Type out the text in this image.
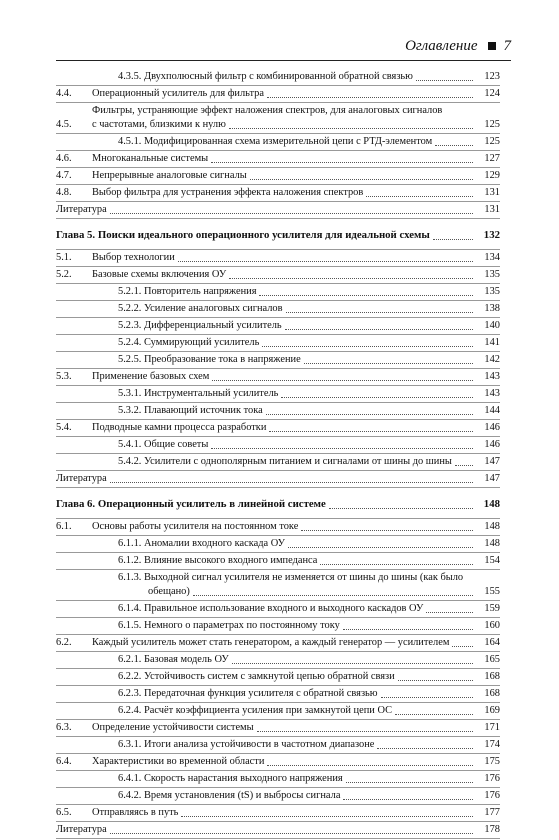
Оглавление 7
4.3.5. Двухполюсный фильтр с комбинированной обратной связью	123
4.4.	Операционный усилитель для фильтра	124
4.5.
Фильтры, устраняющие эффект наложения спектров, для аналоговых сигналов
с частотами, близкими к нулю	125
4.5.1. Модифицированная схема измерительной цепи с РТД-элементом	125
4.6.	Многоканальные системы	127
4.7.	Непрерывные аналоговые сигналы	129
4.8.	Выбор фильтра для устранения эффекта наложения спектров	131
Литература	131
Глава 5. Поиски идеального операционного усилителя для идеальной схемы	132
5.1.	Выбор технологии	134
5.2.	Базовые схемы включения ОУ	135
5.2.1. Повторитель напряжения	135
5.2.2. Усиление аналоговых сигналов	138
5.2.3. Дифференциальный усилитель	140
5.2.4. Суммирующий усилитель	141
5.2.5. Преобразование тока в напряжение	142
5.3.	Применение базовых схем	143
5.3.1. Инструментальный усилитель	143
5.3.2. Плавающий источник тока	144
5.4.	Подводные камни процесса разработки	146
5.4.1. Общие советы	146
5.4.2. Усилители с однополярным питанием и сигналами от шины до шины	147
Литература	147
Глава 6. Операционный усилитель в линейной системе	148
6.1.	Основы работы усилителя на постоянном токе	148
6.1.1. Аномалии входного каскада ОУ	148
6.1.2. Влияние высокого входного импеданса	154
6.1.3. Выходной сигнал усилителя не изменяется от шины до шины (как было
обещано)	155
6.1.4. Правильное использование входного и выходного каскадов ОУ	159
6.1.5. Немного о параметрах по постоянному току	160
6.2.	Каждый усилитель может стать генератором, а каждый генератор — усилителем	164
6.2.1. Базовая модель ОУ	165
6.2.2. Устойчивость систем с замкнутой цепью обратной связи	168
6.2.3. Передаточная функция усилителя с обратной связью	168
6.2.4. Расчёт коэффициента усиления при замкнутой цепи ОС	169
6.3.	Определение устойчивости системы	171
6.3.1. Итоги анализа устойчивости в частотном диапазоне	174
6.4.	Характеристики во временной области	175
6.4.1. Скорость нарастания выходного напряжения	176
6.4.2. Время установления (tS) и выбросы сигнала	176
6.5.	Отправляясь в путь	177
Литература	178
